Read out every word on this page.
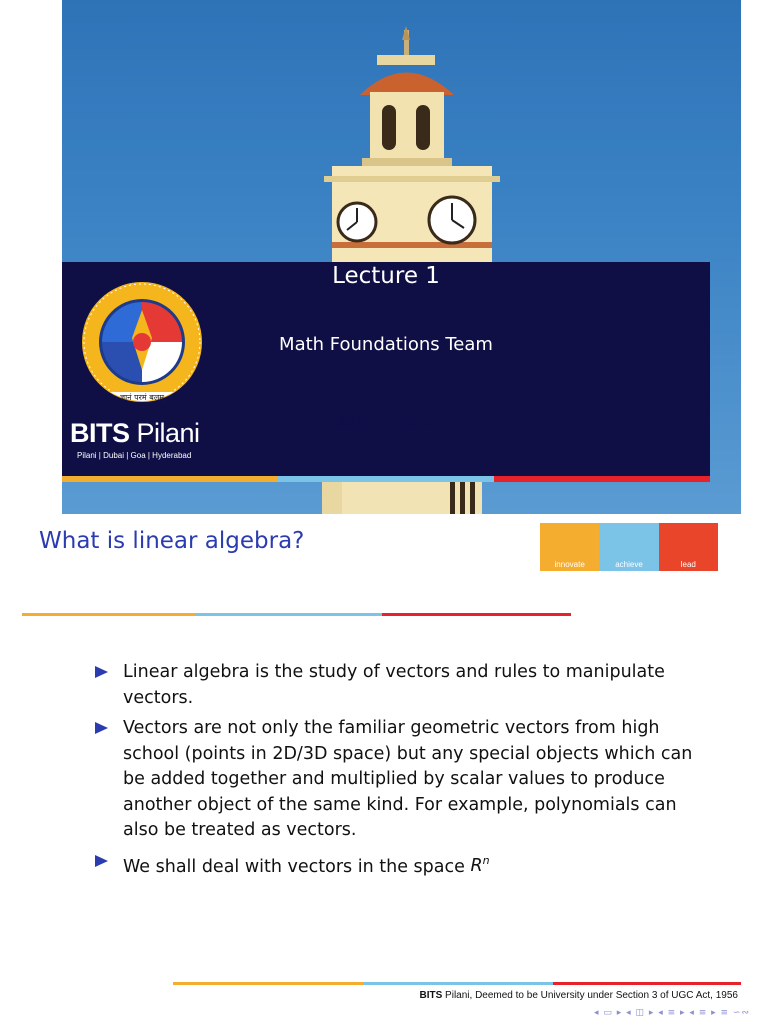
Lecture 1
Math Foundations Team
July 26, 2025
ज्ञानं परमं बलम्
BITS Pilani
Pilani | Dubai | Goa | Hyderabad
What is linear algebra?
innovate	achieve	lead
Linear algebra is the study of vectors and rules to manipulate vectors.
Vectors are not only the familiar geometric vectors from high school (points in 2D/3D space) but any special objects which can be added together and multiplied by scalar values to produce another object of the same kind. For example, polynomials can also be treated as vectors.
We shall deal with vectors in the space $R^n$
BITS Pilani, Deemed to be University under Section 3 of UGC Act, 1956
◂ ▭ ▸ ◂ ◫ ▸ ◂ ≡ ▸ ◂ ≡ ▸ ≡ ∽∾
